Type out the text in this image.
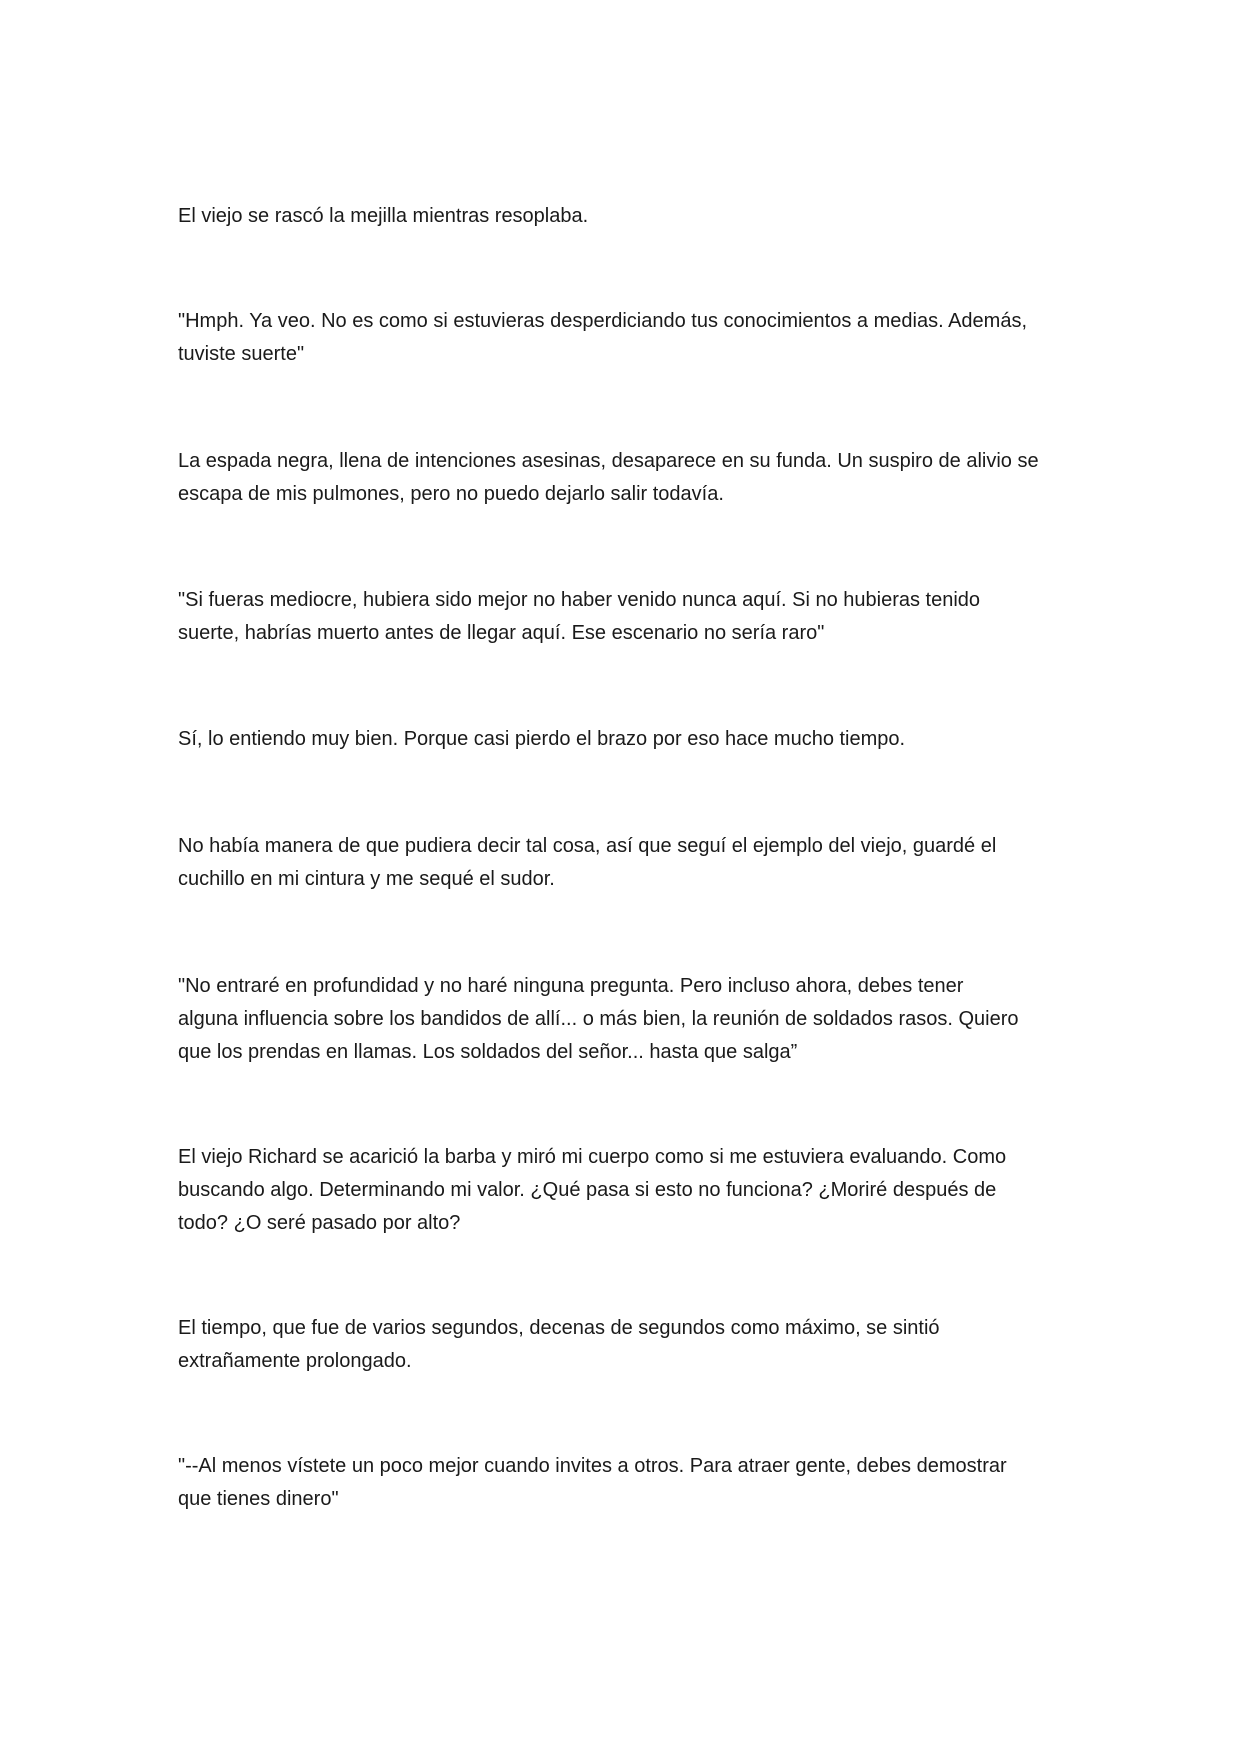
El viejo se rascó la mejilla mientras resoplaba.

"Hmph. Ya veo. No es como si estuvieras desperdiciando tus conocimientos a medias. Además,
tuviste suerte"

La espada negra, llena de intenciones asesinas, desaparece en su funda. Un suspiro de alivio se
escapa de mis pulmones, pero no puedo dejarlo salir todavía.

"Si fueras mediocre, hubiera sido mejor no haber venido nunca aquí. Si no hubieras tenido
suerte, habrías muerto antes de llegar aquí. Ese escenario no sería raro"

Sí, lo entiendo muy bien. Porque casi pierdo el brazo por eso hace mucho tiempo.

No había manera de que pudiera decir tal cosa, así que seguí el ejemplo del viejo, guardé el
cuchillo en mi cintura y me sequé el sudor.

"No entraré en profundidad y no haré ninguna pregunta. Pero incluso ahora, debes tener
alguna influencia sobre los bandidos de allí... o más bien, la reunión de soldados rasos. Quiero
que los prendas en llamas. Los soldados del señor... hasta que salga”

El viejo Richard se acarició la barba y miró mi cuerpo como si me estuviera evaluando. Como
buscando algo. Determinando mi valor. ¿Qué pasa si esto no funciona? ¿Moriré después de
todo? ¿O seré pasado por alto?

El tiempo, que fue de varios segundos, decenas de segundos como máximo, se sintió
extrañamente prolongado.

"--Al menos vístete un poco mejor cuando invites a otros. Para atraer gente, debes demostrar
que tienes dinero"
